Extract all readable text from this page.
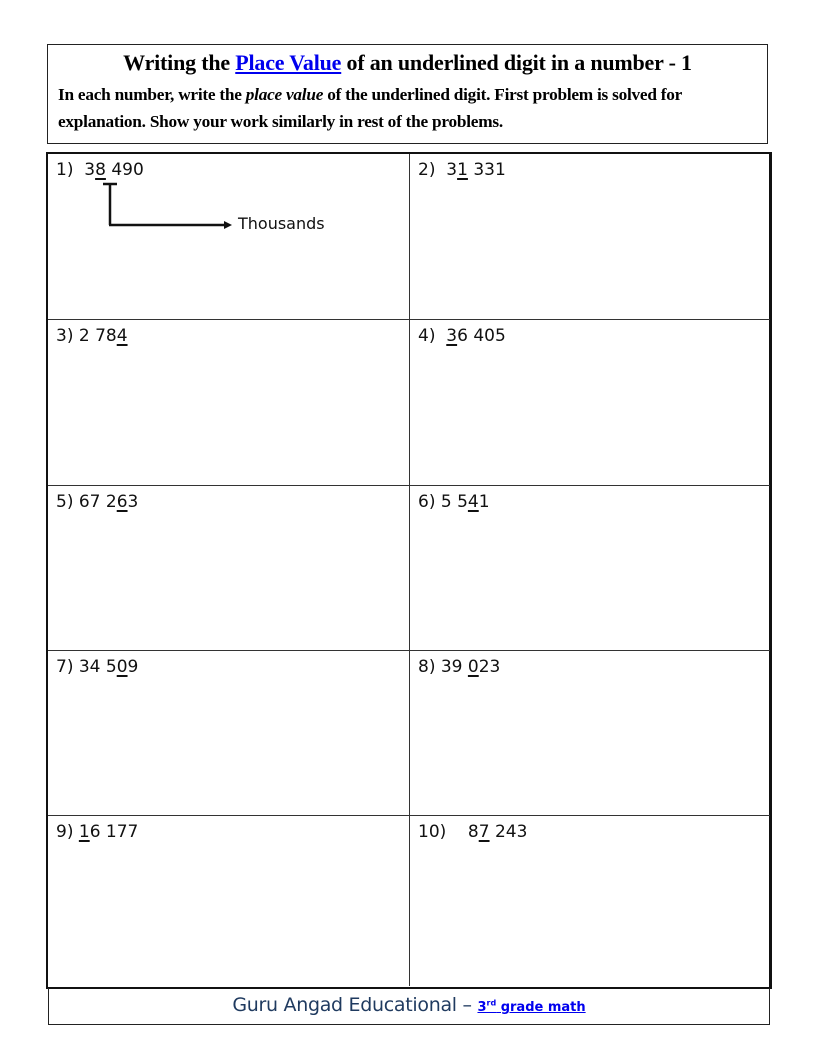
Writing the Place Value of an underlined digit in a number - 1
In each number, write the place value of the underlined digit. First problem is solved for explanation. Show your work similarly in rest of the problems.
1) 38 490
Thousands
2) 31 331
3) 2 784	4) 36 405
5) 67 263	6) 5 541
7) 34 509	8) 39 023
9) 16 177	10) 87 243
Guru Angad Educational – $_{3^{rd} grade math}$
